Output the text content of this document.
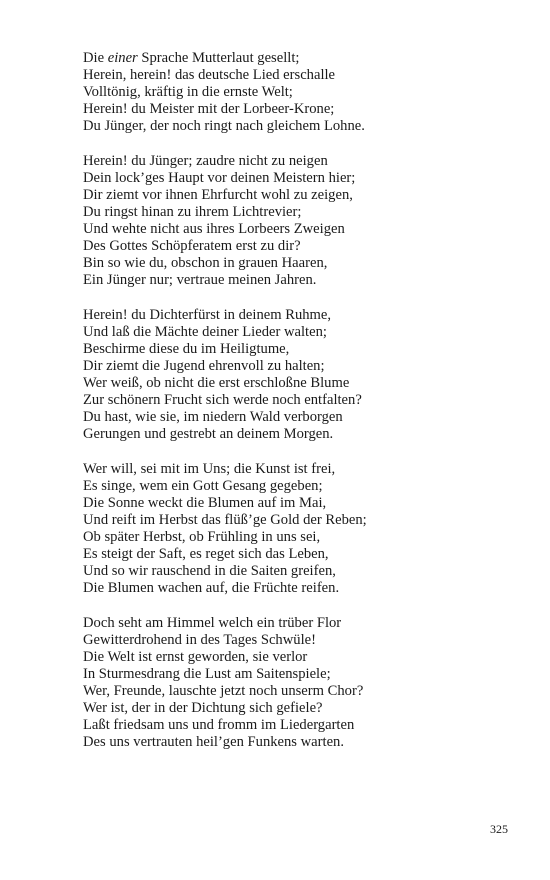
Die einer Sprache Mutterlaut gesellt;
Herein, herein! das deutsche Lied erschalle
Volltönig, kräftig in die ernste Welt;
Herein! du Meister mit der Lorbeer-Krone;
Du Jünger, der noch ringt nach gleichem Lohne.
Herein! du Jünger; zaudre nicht zu neigen
Dein lock’ges Haupt vor deinen Meistern hier;
Dir ziemt vor ihnen Ehrfurcht wohl zu zeigen,
Du ringst hinan zu ihrem Lichtrevier;
Und wehte nicht aus ihres Lorbeers Zweigen
Des Gottes Schöpferatem erst zu dir?
Bin so wie du, obschon in grauen Haaren,
Ein Jünger nur; vertraue meinen Jahren.
Herein! du Dichterfürst in deinem Ruhme,
Und laß die Mächte deiner Lieder walten;
Beschirme diese du im Heiligtume,
Dir ziemt die Jugend ehrenvoll zu halten;
Wer weiß, ob nicht die erst erschloßne Blume
Zur schönern Frucht sich werde noch entfalten?
Du hast, wie sie, im niedern Wald verborgen
Gerungen und gestrebt an deinem Morgen.
Wer will, sei mit im Uns; die Kunst ist frei,
Es singe, wem ein Gott Gesang gegeben;
Die Sonne weckt die Blumen auf im Mai,
Und reift im Herbst das flüß’ge Gold der Reben;
Ob später Herbst, ob Frühling in uns sei,
Es steigt der Saft, es reget sich das Leben,
Und so wir rauschend in die Saiten greifen,
Die Blumen wachen auf, die Früchte reifen.
Doch seht am Himmel welch ein trüber Flor
Gewitterdrohend in des Tages Schwüle!
Die Welt ist ernst geworden, sie verlor
In Sturmesdrang die Lust am Saitenspiele;
Wer, Freunde, lauschte jetzt noch unserm Chor?
Wer ist, der in der Dichtung sich gefiele?
Laßt friedsam uns und fromm im Liedergarten
Des uns vertrauten heil’gen Funkens warten.
325
